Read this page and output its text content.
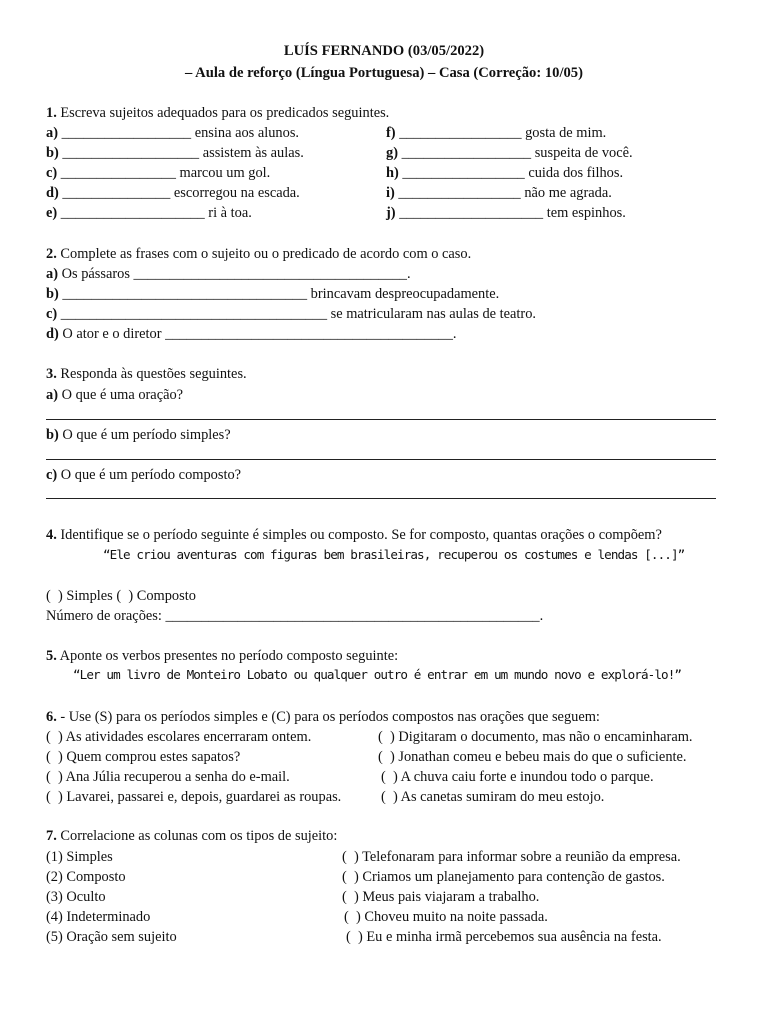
LUÍS FERNANDO (03/05/2022)
– Aula de reforço (Língua Portuguesa) – Casa (Correção: 10/05)
1. Escreva sujeitos adequados para os predicados seguintes.
a) __________________ ensina aos alunos.
b) ___________________ assistem às aulas.
c) ________________ marcou um gol.
d) _______________ escorregou na escada.
e) ____________________ ri à toa.
f) _________________ gosta de mim.
g) __________________ suspeita de você.
h) _________________ cuida dos filhos.
i) _________________ não me agrada.
j) ____________________ tem espinhos.
2. Complete as frases com o sujeito ou o predicado de acordo com o caso.
a) Os pássaros ______________________________________.
b) __________________________________ brincavam despreocupadamente.
c) _____________________________________ se matricularam nas aulas de teatro.
d) O ator e o diretor ________________________________________.
3. Responda às questões seguintes.
a) O que é uma oração?
b) O que é um período simples?
c) O que é um período composto?
4. Identifique se o período seguinte é simples ou composto. Se for composto, quantas orações o compõem?
“Ele criou aventuras com figuras bem brasileiras, recuperou os costumes e lendas [...]”
(  ) Simples (  ) Composto
Número de orações: ____________________________________________________.
5. Aponte os verbos presentes no período composto seguinte:
“Ler um livro de Monteiro Lobato ou qualquer outro é entrar em um mundo novo e explorá-lo!”
6. - Use (S) para os períodos simples e (C) para os períodos compostos nas orações que seguem:
(  ) As atividades escolares encerraram ontem.
(  ) Quem comprou estes sapatos?
(  ) Ana Júlia recuperou a senha do e-mail.
(  ) Lavarei, passarei e, depois, guardarei as roupas.
(  ) Digitaram o documento, mas não o encaminharam.
(  ) Jonathan comeu e bebeu mais do que o suficiente.
(  ) A chuva caiu forte e inundou todo o parque.
(  ) As canetas sumiram do meu estojo.
7. Correlacione as colunas com os tipos de sujeito:
(1) Simples
(2) Composto
(3) Oculto
(4) Indeterminado
(5) Oração sem sujeito
(  ) Telefonaram para informar sobre a reunião da empresa.
(  ) Criamos um planejamento para contenção de gastos.
(  ) Meus pais viajaram a trabalho.
(  ) Choveu muito na noite passada.
(  ) Eu e minha irmã percebemos sua ausência na festa.
